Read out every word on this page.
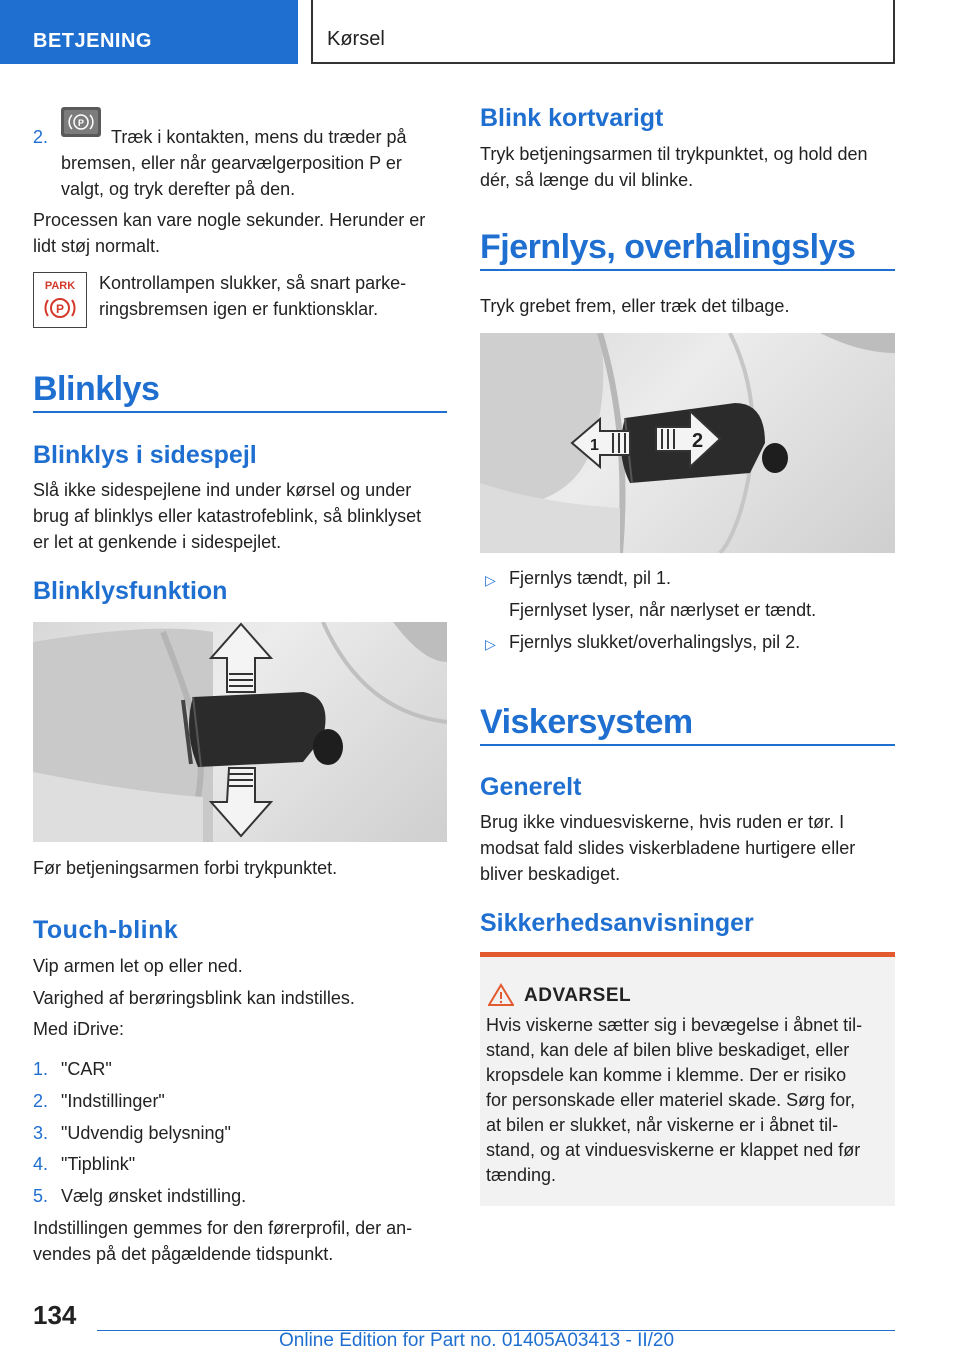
BETJENING	Kørsel
2.
P
Træk i kontakten, mens du træder på
bremsen, eller når gearvælgerposition P er
valgt, og tryk derefter på den.
Processen kan vare nogle sekunder. Herunder er
lidt støj normalt.
PARK
P
Kontrollampen slukker, så snart parke‐
ringsbremsen igen er funktionsklar.
Blinklys
Blinklys i sidespejl
Slå ikke sidespejlene ind under kørsel og under
brug af blinklys eller katastrofeblink, så blinklyset
er let at genkende i sidespejlet.
Blinklysfunktion
Før betjeningsarmen forbi trykpunktet.
Touch-blink
Vip armen let op eller ned.
Varighed af berøringsblink kan indstilles.
Med iDrive:
1. "CAR"
2. "Indstillinger"
3. "Udvendig belysning"
4. "Tipblink"
5. Vælg ønsket indstilling.
Indstillingen gemmes for den førerprofil, der an‐
vendes på det pågældende tidspunkt.
Blink kortvarigt
Tryk betjeningsarmen til trykpunktet, og hold den
dér, så længe du vil blinke.
Fjernlys, overhalingslys
Tryk grebet frem, eller træk det tilbage.
1	2
▷ Fjernlys tændt, pil 1.
Fjernlyset lyser, når nærlyset er tændt.
▷ Fjernlys slukket/overhalingslys, pil 2.
Viskersystem
Generelt
Brug ikke vinduesviskerne, hvis ruden er tør. I
modsat fald slides viskerbladene hurtigere eller
bliver beskadiget.
Sikkerhedsanvisninger
ADVARSEL
Hvis viskerne sætter sig i bevægelse i åbnet til‐
stand, kan dele af bilen blive beskadiget, eller
kropsdele kan komme i klemme. Der er risiko
for personskade eller materiel skade. Sørg for,
at bilen er slukket, når viskerne er i åbnet til‐
stand, og at vinduesviskerne er klappet ned før
tænding.
134
Online Edition for Part no. 01405A03413 - II/20
